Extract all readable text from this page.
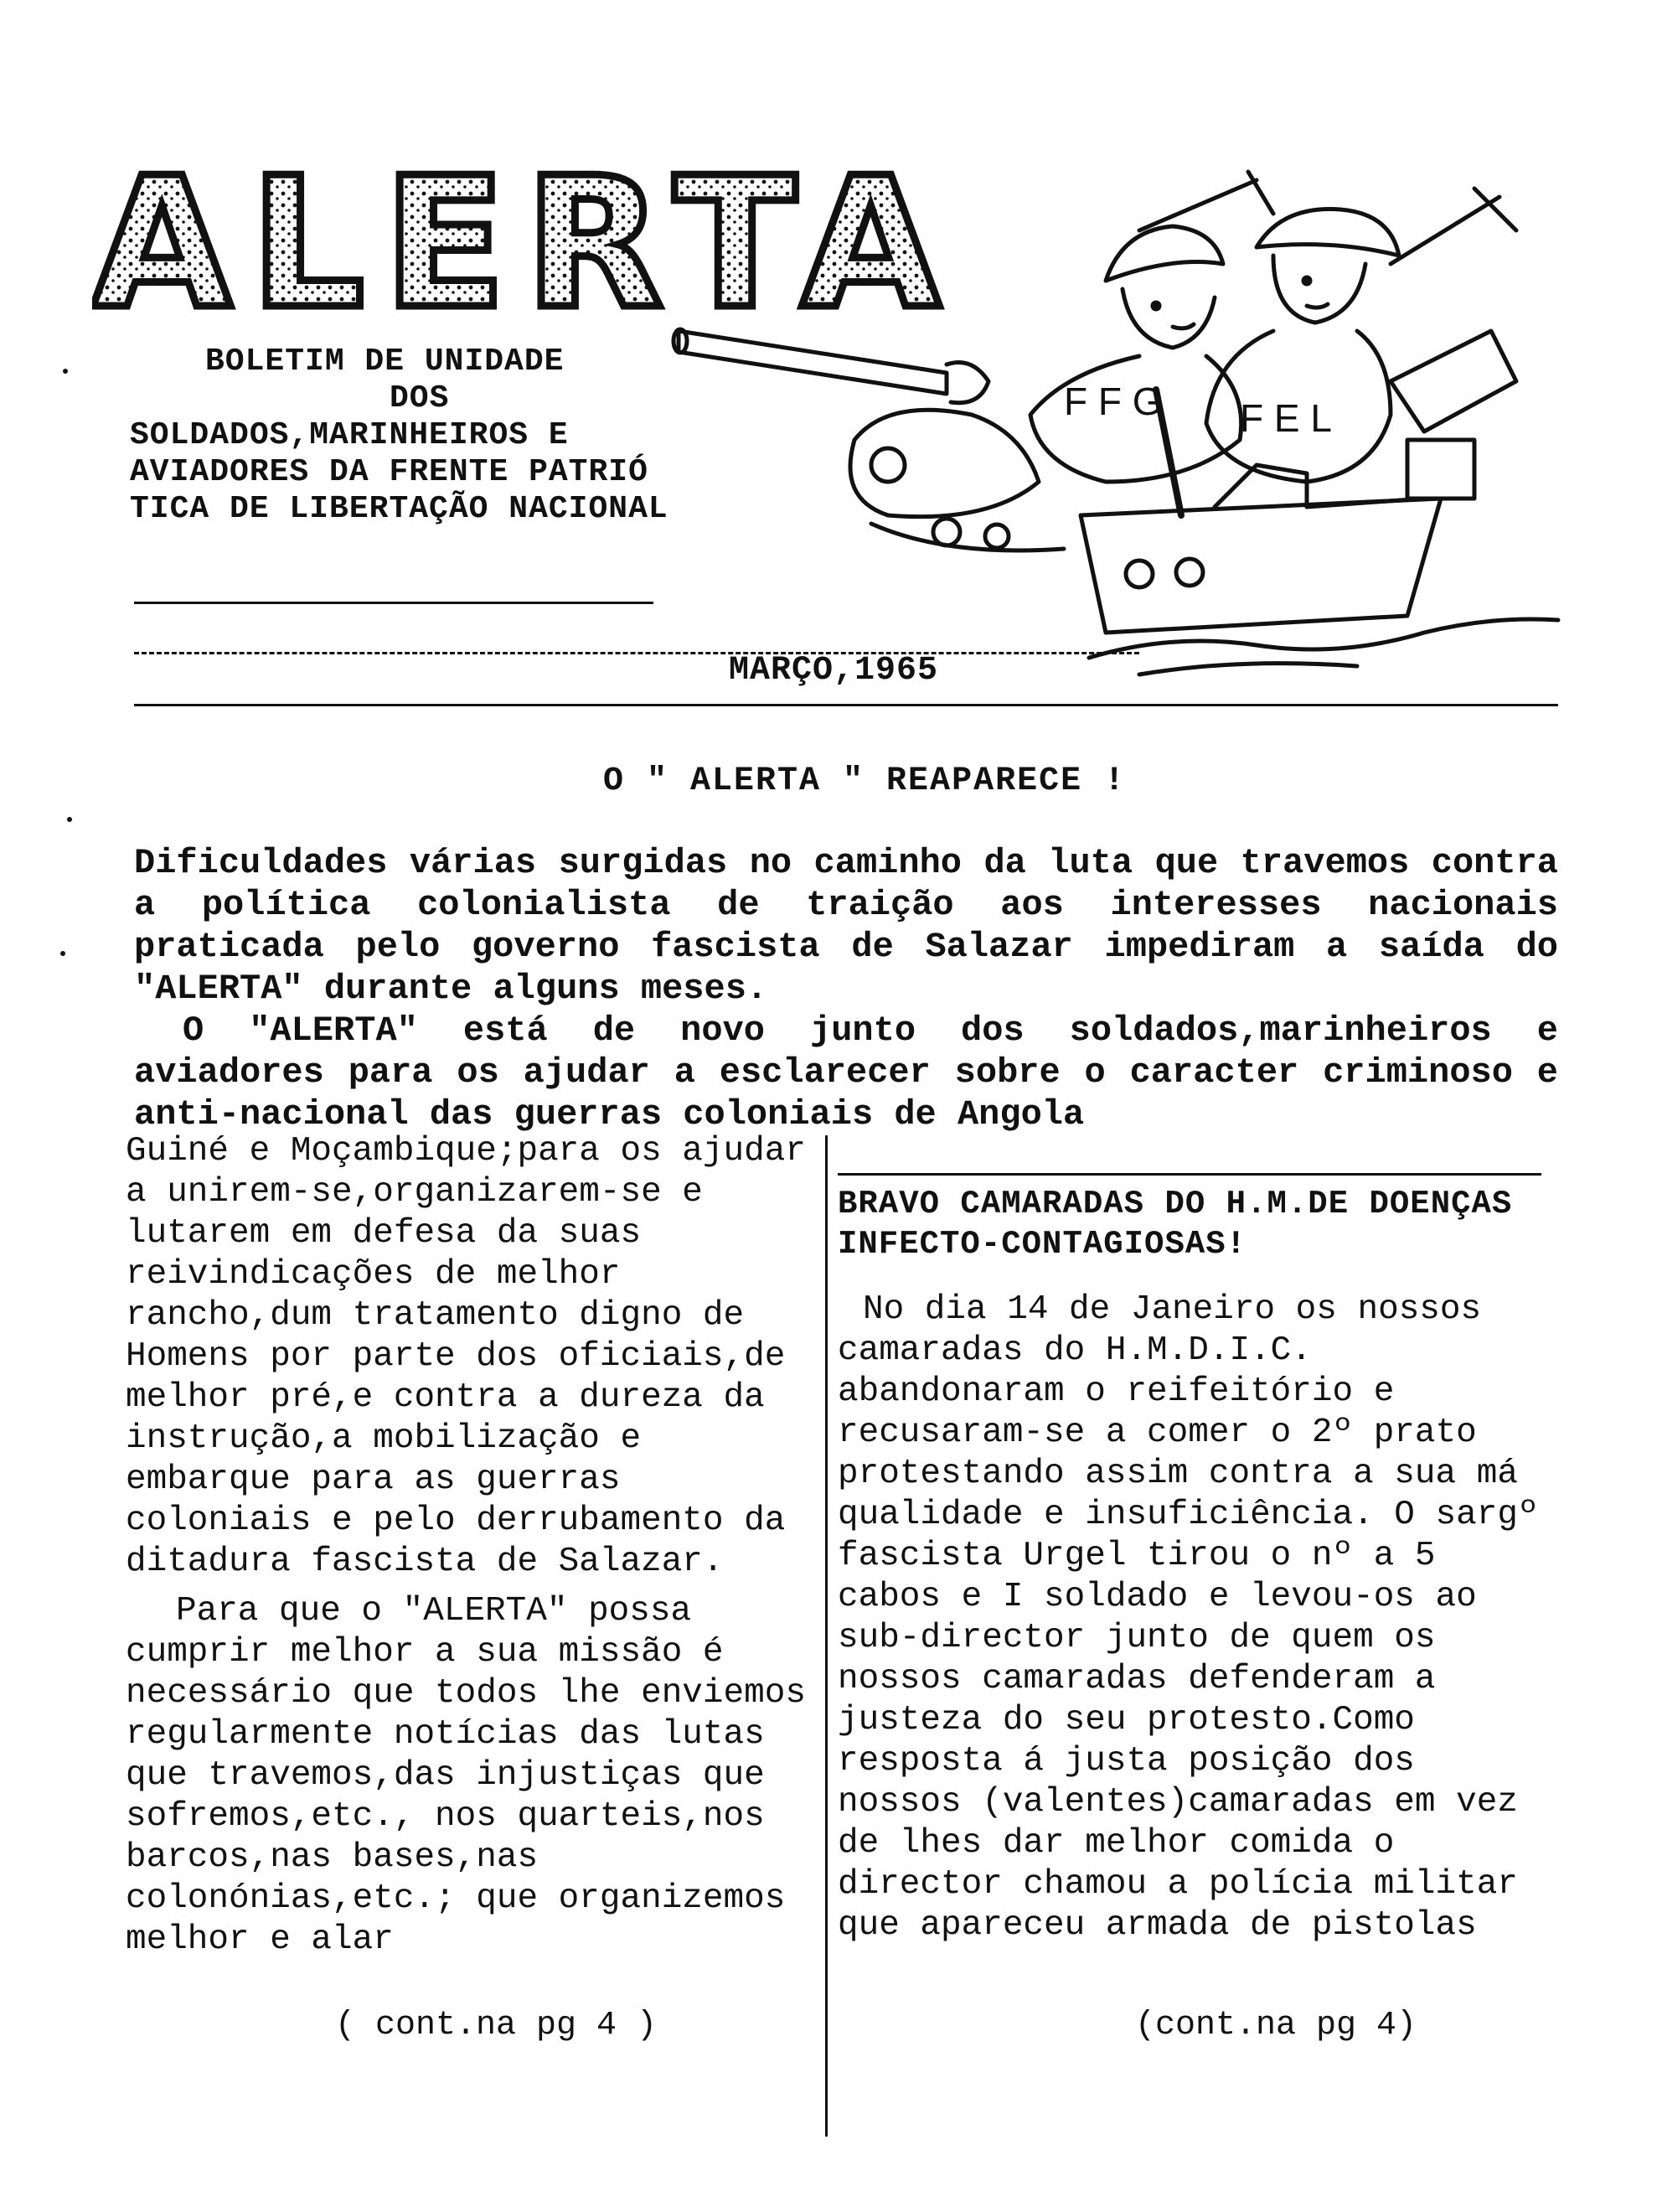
ALERTA!
BOLETIM DE UNIDADE
DOS
SOLDADOS,MARINHEIROS E
AVIADORES DA FRENTE PATRIÓ
TICA DE LIBERTAÇÃO NACIONAL
F F G F E L
MARÇO,1965
O " ALERTA " REAPARECE !

Dificuldades várias surgidas no caminho da luta que travemos contra a política colonialista de traição aos interesses nacionais praticada pelo governo fascista de Salazar impediram a saída do "ALERTA" durante alguns meses.

O "ALERTA" está de novo junto dos soldados,marinheiros e aviadores para os ajudar a esclarecer sobre o caracter criminoso e anti-nacional das guerras coloniais de Angola

Guiné e Moçambique;para os ajudar a unirem-se,organizarem-se e lutarem em defesa da suas reivindicações de melhor rancho,dum tratamento digno de Homens por parte dos oficiais,de melhor pré,e contra a dureza da instrução,a mobilização e embarque para as guerras coloniais e pelo derrubamento da ditadura fascista de Salazar.

Para que o "ALERTA" possa cumprir melhor a sua missão é necessário que todos lhe enviemos regularmente notícias das lutas que travemos,das injustiças que sofremos,etc., nos quarteis,nos barcos,nas bases,nas colonónias,etc.; que organizemos melhor e alar

BRAVO CAMARADAS DO H.M.DE DOENÇAS INFECTO-CONTAGIOSAS!

No dia 14 de Janeiro os nossos camaradas do H.M.D.I.C. abandonaram o reifeitório e recusaram-se a comer o 2º prato protestando assim contra a sua má qualidade e insuficiência. O sargº fascista Urgel tirou o nº a 5 cabos e I soldado e levou-os ao sub-director junto de quem os nossos camaradas defenderam a justeza do seu protesto.Como resposta á justa posição dos nossos (valentes)camaradas em vez de lhes dar melhor comida o director chamou a polícia militar que apareceu armada de pistolas

( cont.na pg 4 )	(cont.na pg 4)
